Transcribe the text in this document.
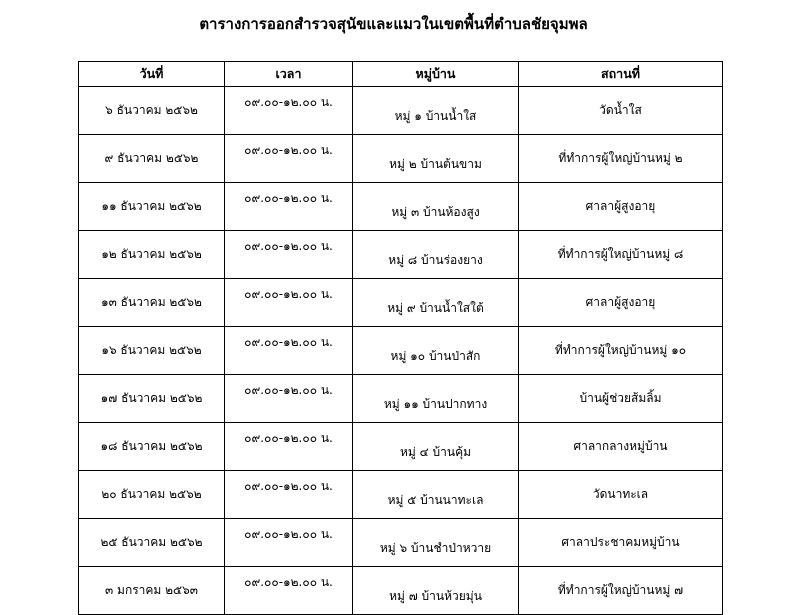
ตารางการออกสำรวจสุนัขและแมวในเขตพื้นที่ตำบลชัยจุมพล
วันที่	เวลา	หมู่บ้าน	สถานที่
๖ ธันวาคม ๒๕๖๒	๐๙.๐๐-๑๒.๐๐ น.	หมู่ ๑ บ้านน้ำใส	วัดน้ำใส
๙ ธันวาคม ๒๕๖๒	๐๙.๐๐-๑๒.๐๐ น.	หมู่ ๒ บ้านต้นขาม	ที่ทำการผู้ใหญ่บ้านหมู่ ๒
๑๑ ธันวาคม ๒๕๖๒	๐๙.๐๐-๑๒.๐๐ น.	หมู่ ๓ บ้านห้องสูง	ศาลาผู้สูงอายุ
๑๒ ธันวาคม ๒๕๖๒	๐๙.๐๐-๑๒.๐๐ น.	หมู่ ๘ บ้านร่องยาง	ที่ทำการผู้ใหญ่บ้านหมู่ ๘
๑๓ ธันวาคม ๒๕๖๒	๐๙.๐๐-๑๒.๐๐ น.	หมู่ ๙ บ้านน้ำใสใต้	ศาลาผู้สูงอายุ
๑๖ ธันวาคม ๒๕๖๒	๐๙.๐๐-๑๒.๐๐ น.	หมู่ ๑๐ บ้านป่าสัก	ที่ทำการผู้ใหญ่บ้านหมู่ ๑๐
๑๗ ธันวาคม ๒๕๖๒	๐๙.๐๐-๑๒.๐๐ น.	หมู่ ๑๑ บ้านปากทาง	บ้านผู้ช่วยส้มลิ้ม
๑๘ ธันวาคม ๒๕๖๒	๐๙.๐๐-๑๒.๐๐ น.	หมู่ ๔ บ้านคุ้ม	ศาลากลางหมู่บ้าน
๒๐ ธันวาคม ๒๕๖๒	๐๙.๐๐-๑๒.๐๐ น.	หมู่ ๕ บ้านนาทะเล	วัดนาทะเล
๒๕ ธันวาคม ๒๕๖๒	๐๙.๐๐-๑๒.๐๐ น.	หมู่ ๖ บ้านชำป่าหวาย	ศาลาประชาคมหมู่บ้าน
๓ มกราคม ๒๕๖๓	๐๙.๐๐-๑๒.๐๐ น.	หมู่ ๗ บ้านห้วยมุ่น	ที่ทำการผู้ใหญ่บ้านหมู่ ๗
